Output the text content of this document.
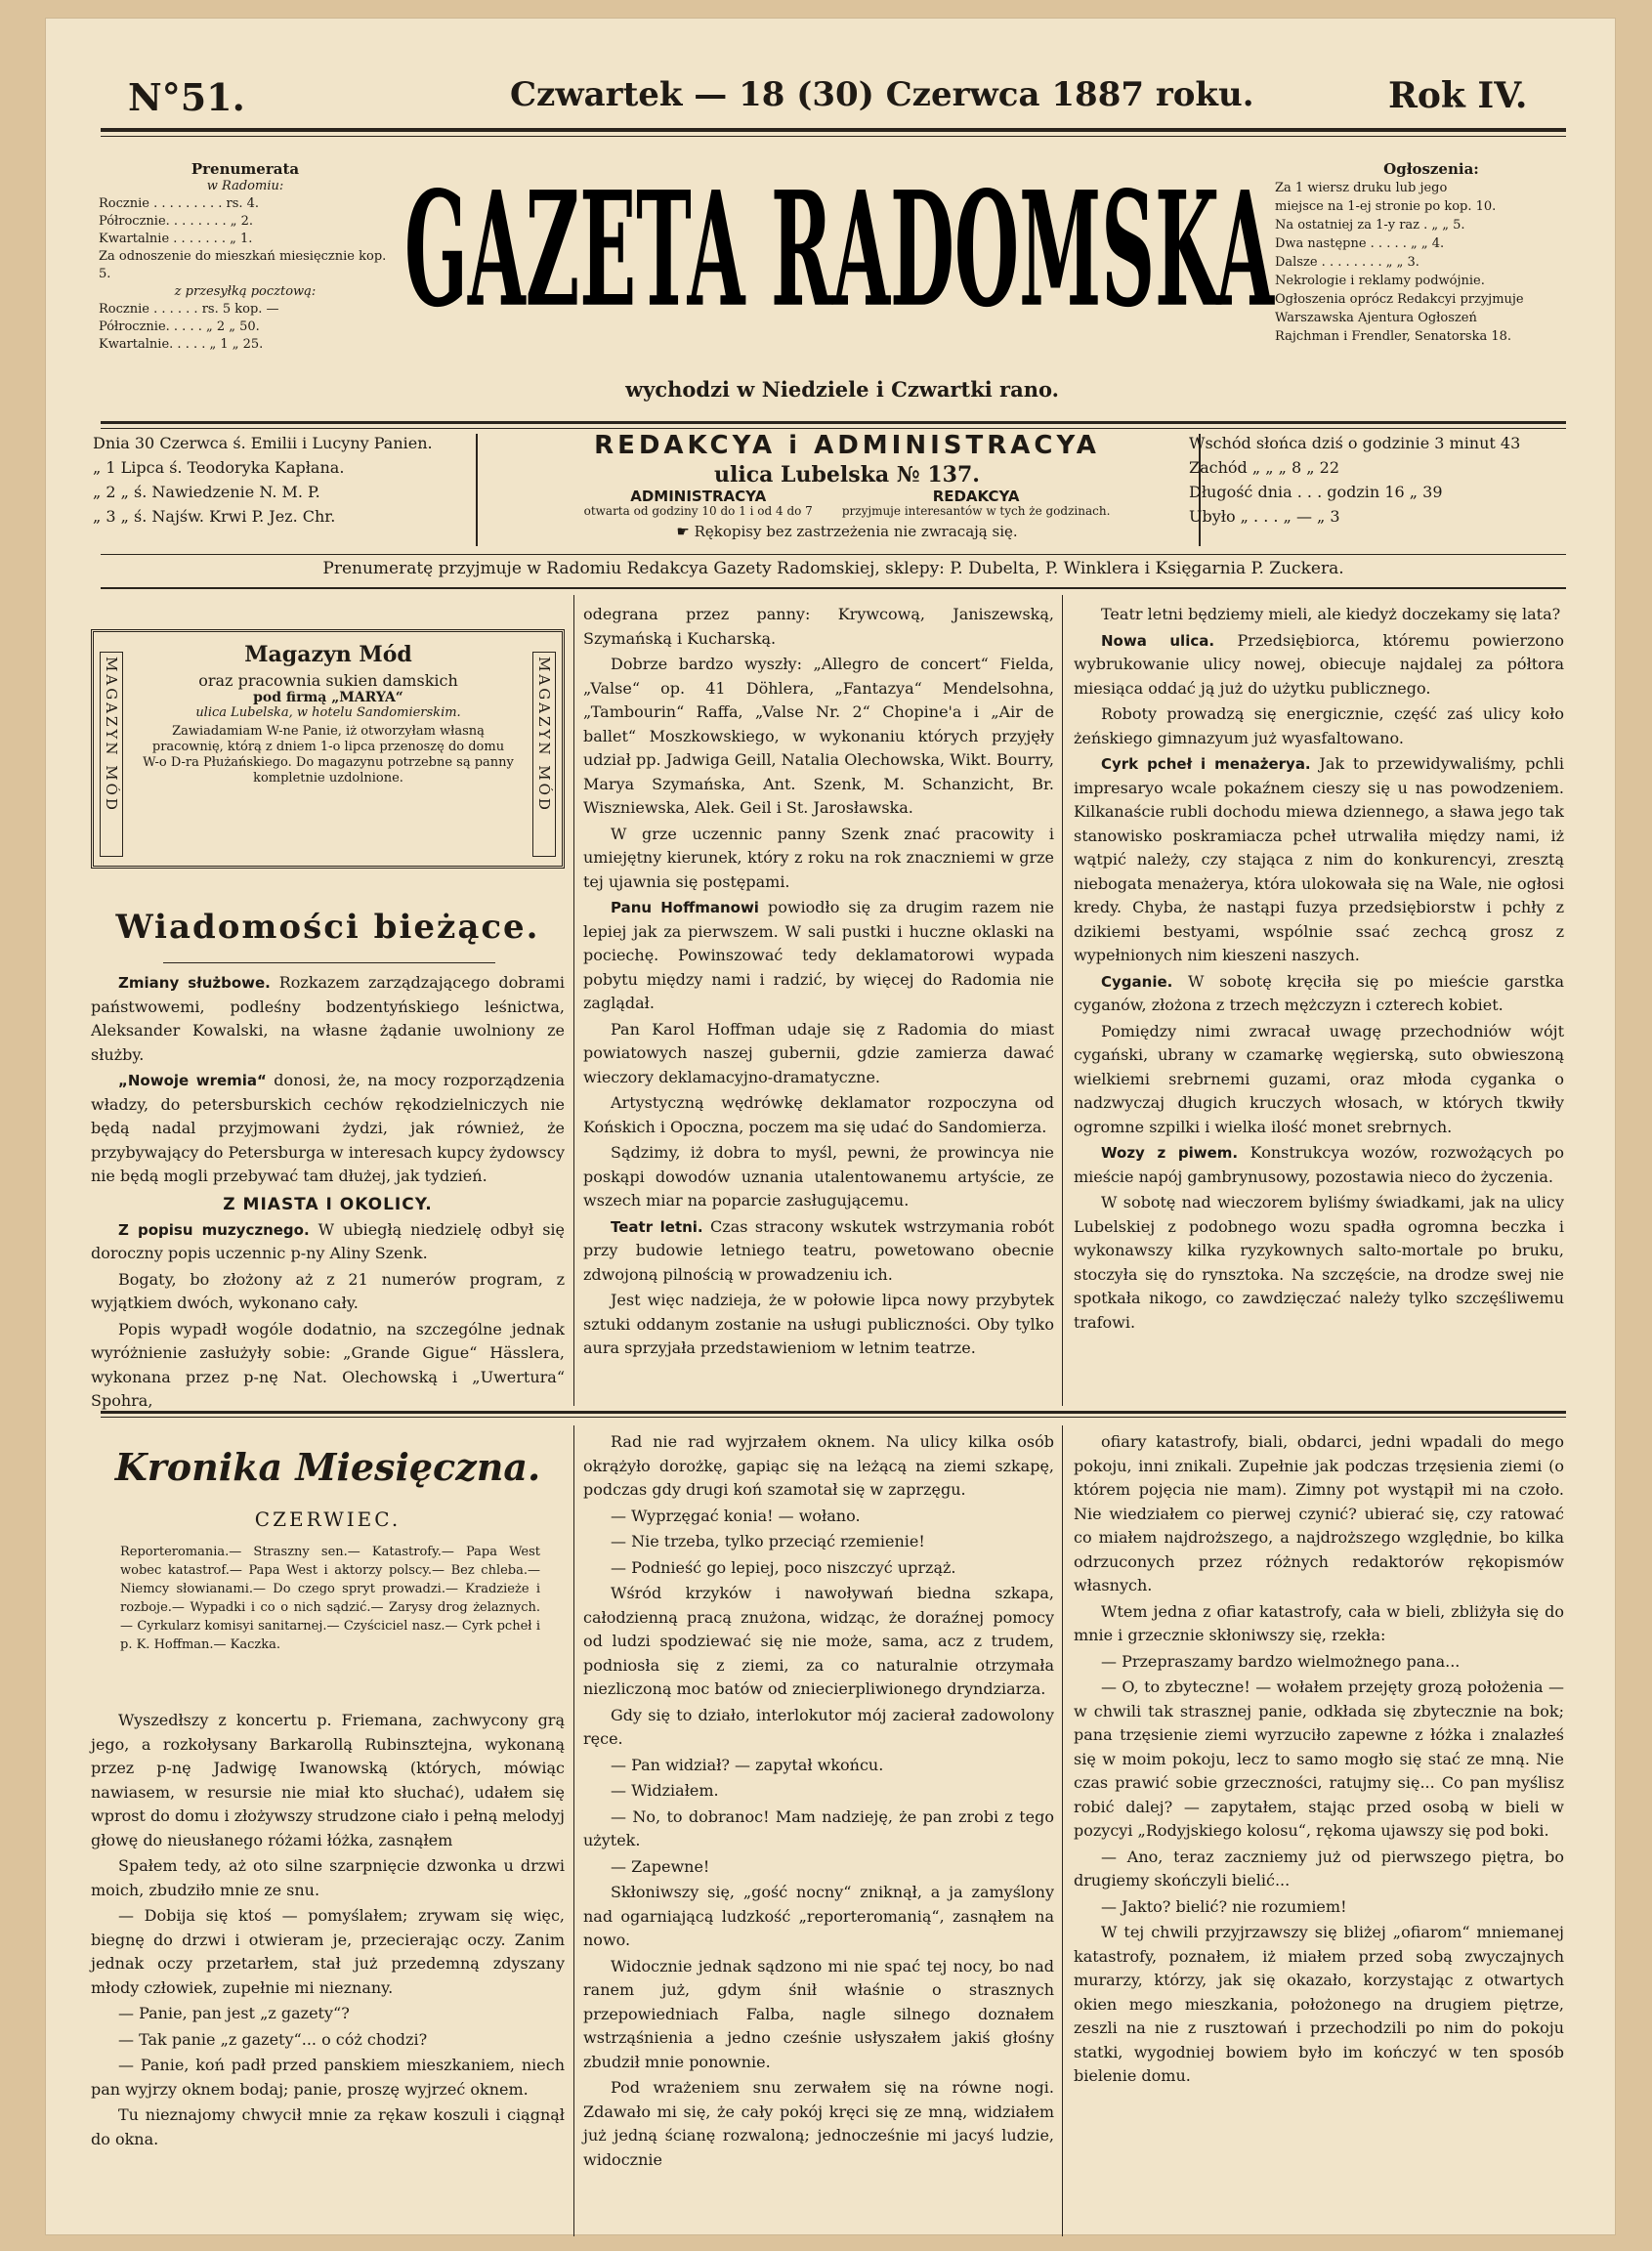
N°51.	Czwartek — 18 (30) Czerwca 1887 roku.	Rok IV.
Prenumerata
w Radomiu:
Rocznie . . . . . . . . . rs. 4.
Półrocznie. . . . . . . . „ 2.
Kwartalnie . . . . . . . „ 1.
Za odnoszenie do mieszkań miesięcznie kop. 5.
z przesyłką pocztową:
Rocznie . . . . . . rs. 5 kop. —
Półrocznie. . . . . „ 2 „ 50.
Kwartalnie. . . . . „ 1 „ 25.
GAZETA RADOMSKA
wychodzi w Niedziele i Czwartki rano.
Ogłoszenia:
Za 1 wiersz druku lub jego
miejsce na 1-ej stronie po kop. 10.
Na ostatniej za 1-y raz . „ „ 5.
Dwa następne . . . . . „ „ 4.
Dalsze . . . . . . . . „ „ 3.
Nekrologie i reklamy podwójnie.
Ogłoszenia oprócz Redakcyi przyjmuje Warszawska Ajentura Ogłoszeń
Rajchman i Frendler, Senatorska 18.
Dnia 30 Czerwca ś. Emilii i Lucyny Panien.
„ 1 Lipca ś. Teodoryka Kapłana.
„ 2 „ ś. Nawiedzenie N. M. P.
„ 3 „ ś. Najśw. Krwi P. Jez. Chr.
REDAKCYA i ADMINISTRACYA
ulica Lubelska № 137.
ADMINISTRACYA
otwarta od godziny 10 do 1 i od 4 do 7
REDAKCYA
przyjmuje interesantów w tych że godzinach.
☛ Rękopisy bez zastrzeżenia nie zwracają się.
Wschód słońca dziś o godzinie 3 minut 43
Zachód „ „ „ 8 „ 22
Długość dnia . . . godzin 16 „ 39
Ubyło „ . . . „ — „ 3
Prenumeratę przyjmuje w Radomiu Redakcya Gazety Radomskiej, sklepy: P. Dubelta, P. Winklera i Księgarnia P. Zuckera.
MAGAZYN MÓD	MAGAZYN MÓD
Magazyn Mód
oraz pracownia sukien damskich
pod firmą „MARYA“
ulica Lubelska, w hotelu Sandomierskim.
Zawiadamiam W-ne Panie, iż otworzyłam własną pracownię, którą z dniem 1-o lipca przenoszę do domu W-o D-ra Płużańskiego. Do magazynu potrzebne są panny kompletnie uzdolnione.
Wiadomości bieżące.

Zmiany służbowe. Rozkazem zarządzającego dobrami państwowemi, podleśny bodzentyńskiego leśnictwa, Aleksander Kowalski, na własne żądanie uwolniony ze służby.

„Nowoje wremia“ donosi, że, na mocy rozporządzenia władzy, do petersburskich cechów rękodzielniczych nie będą nadal przyjmowani żydzi, jak również, że przybywający do Petersburga w interesach kupcy żydowscy nie będą mogli przebywać tam dłużej, jak tydzień.

Z MIASTA I OKOLICY.

Z popisu muzycznego. W ubiegłą niedzielę odbył się doroczny popis uczennic p-ny Aliny Szenk.

Bogaty, bo złożony aż z 21 numerów program, z wyjątkiem dwóch, wykonano cały.

Popis wypadł wogóle dodatnio, na szczególne jednak wyróżnienie zasłużyły sobie: „Grande Gigue“ Hässlera, wykonana przez p-nę Nat. Olechowską i „Uwertura“ Spohra,

odegrana przez panny: Krywcową, Janiszewską, Szymańską i Kucharską.

Dobrze bardzo wyszły: „Allegro de concert“ Fielda, „Valse“ op. 41 Döhlera, „Fantazya“ Mendelsohna, „Tambourin“ Raffa, „Valse Nr. 2“ Chopine'a i „Air de ballet“ Moszkowskiego, w wykonaniu których przyjęły udział pp. Jadwiga Geill, Natalia Olechowska, Wikt. Bourry, Marya Szymańska, Ant. Szenk, M. Schanzicht, Br. Wiszniewska, Alek. Geil i St. Jarosławska.

W grze uczennic panny Szenk znać pracowity i umiejętny kierunek, który z roku na rok znaczniemi w grze tej ujawnia się postępami.

Panu Hoffmanowi powiodło się za drugim razem nie lepiej jak za pierwszem. W sali pustki i huczne oklaski na pociechę. Powinszować tedy deklamatorowi wypada pobytu między nami i radzić, by więcej do Radomia nie zaglądał.

Pan Karol Hoffman udaje się z Radomia do miast powiatowych naszej gubernii, gdzie zamierza dawać wieczory deklamacyjno-dramatyczne.

Artystyczną wędrówkę deklamator rozpoczyna od Końskich i Opoczna, poczem ma się udać do Sandomierza.

Sądzimy, iż dobra to myśl, pewni, że prowincya nie poskąpi dowodów uznania utalentowanemu artyście, ze wszech miar na poparcie zasługującemu.

Teatr letni. Czas stracony wskutek wstrzymania robót przy budowie letniego teatru, powetowano obecnie zdwojoną pilnością w prowadzeniu ich.

Jest więc nadzieja, że w połowie lipca nowy przybytek sztuki oddanym zostanie na usługi publiczności. Oby tylko aura sprzyjała przedstawieniom w letnim teatrze.

Teatr letni będziemy mieli, ale kiedyż doczekamy się lata?

Nowa ulica. Przedsiębiorca, któremu powierzono wybrukowanie ulicy nowej, obiecuje najdalej za półtora miesiąca oddać ją już do użytku publicznego.

Roboty prowadzą się energicznie, część zaś ulicy koło żeńskiego gimnazyum już wyasfaltowano.

Cyrk pcheł i menażerya. Jak to przewidywaliśmy, pchli impresaryo wcale pokaźnem cieszy się u nas powodzeniem. Kilkanaście rubli dochodu miewa dziennego, a sława jego tak stanowisko poskramiacza pcheł utrwaliła między nami, iż wątpić należy, czy stająca z nim do konkurencyi, zresztą niebogata menażerya, która ulokowała się na Wale, nie ogłosi kredy. Chyba, że nastąpi fuzya przedsiębiorstw i pchły z dzikiemi bestyami, wspólnie ssać zechcą grosz z wypełnionych nim kieszeni naszych.

Cyganie. W sobotę kręciła się po mieście garstka cyganów, złożona z trzech mężczyzn i czterech kobiet.

Pomiędzy nimi zwracał uwagę przechodniów wójt cygański, ubrany w czamarkę węgierską, suto obwieszoną wielkiemi srebrnemi guzami, oraz młoda cyganka o nadzwyczaj długich kruczych włosach, w których tkwiły ogromne szpilki i wielka ilość monet srebrnych.

Wozy z piwem. Konstrukcya wozów, rozwożących po mieście napój gambrynusowy, pozostawia nieco do życzenia.

W sobotę nad wieczorem byliśmy świadkami, jak na ulicy Lubelskiej z podobnego wozu spadła ogromna beczka i wykonawszy kilka ryzykownych salto-mortale po bruku, stoczyła się do rynsztoka. Na szczęście, na drodze swej nie spotkała nikogo, co zawdzięczać należy tylko szczęśliwemu trafowi.

Kronika Miesięczna.
CZERWIEC.
Reporteromania.— Straszny sen.— Katastrofy.— Papa West wobec katastrof.— Papa West i aktorzy polscy.— Bez chleba.— Niemcy słowianami.— Do czego spryt prowadzi.— Kradzieże i rozboje.— Wypadki i co o nich sądzić.— Zarysy drog żelaznych.— Cyrkularz komisyi sanitarnej.— Czyściciel nasz.— Cyrk pcheł i p. K. Hoffman.— Kaczka.

Wyszedłszy z koncertu p. Friemana, zachwycony grą jego, a rozkołysany Barkarollą Rubinsztejna, wykonaną przez p-nę Jadwigę Iwanowską (których, mówiąc nawiasem, w resursie nie miał kto słuchać), udałem się wprost do domu i złożywszy strudzone ciało i pełną melodyj głowę do nieusłanego różami łóżka, zasnąłem

Spałem tedy, aż oto silne szarpnięcie dzwonka u drzwi moich, zbudziło mnie ze snu.

— Dobija się ktoś — pomyślałem; zrywam się więc, biegnę do drzwi i otwieram je, przecierając oczy. Zanim jednak oczy przetarłem, stał już przedemną zdyszany młody człowiek, zupełnie mi nieznany.

— Panie, pan jest „z gazety“?

— Tak panie „z gazety“... o cóż chodzi?

— Panie, koń padł przed panskiem mieszkaniem, niech pan wyjrzy oknem bodaj; panie, proszę wyjrzeć oknem.

Tu nieznajomy chwycił mnie za rękaw koszuli i ciągnął do okna.

Rad nie rad wyjrzałem oknem. Na ulicy kilka osób okrążyło dorożkę, gapiąc się na leżącą na ziemi szkapę, podczas gdy drugi koń szamotał się w zaprzęgu.

— Wyprzęgać konia! — wołano.

— Nie trzeba, tylko przeciąć rzemienie!

— Podnieść go lepiej, poco niszczyć uprząż.

Wśród krzyków i nawoływań biedna szkapa, całodzienną pracą znużona, widząc, że doraźnej pomocy od ludzi spodziewać się nie może, sama, acz z trudem, podniosła się z ziemi, za co naturalnie otrzymała niezliczoną moc batów od zniecierpliwionego dryndziarza.

Gdy się to działo, interlokutor mój zacierał zadowolony ręce.

— Pan widział? — zapytał wkońcu.

— Widziałem.

— No, to dobranoc! Mam nadzieję, że pan zrobi z tego użytek.

— Zapewne!

Skłoniwszy się, „gość nocny“ zniknął, a ja zamyślony nad ogarniającą ludzkość „reporteromanią“, zasnąłem na nowo.

Widocznie jednak sądzono mi nie spać tej nocy, bo nad ranem już, gdym śnił właśnie o strasznych przepowiedniach Falba, nagle silnego doznałem wstrząśnienia a jedno cześnie usłyszałem jakiś głośny zbudził mnie ponownie.

Pod wrażeniem snu zerwałem się na równe nogi. Zdawało mi się, że cały pokój kręci się ze mną, widziałem już jedną ścianę rozwaloną; jednocześnie mi jacyś ludzie, widocznie

ofiary katastrofy, biali, obdarci, jedni wpadali do mego pokoju, inni znikali. Zupełnie jak podczas trzęsienia ziemi (o którem pojęcia nie mam). Zimny pot wystąpił mi na czoło. Nie wiedziałem co pierwej czynić? ubierać się, czy ratować co miałem najdroższego, a najdroższego względnie, bo kilka odrzuconych przez różnych redaktorów rękopismów własnych.

Wtem jedna z ofiar katastrofy, cała w bieli, zbliżyła się do mnie i grzecznie skłoniwszy się, rzekła:

— Przepraszamy bardzo wielmożnego pana...

— O, to zbyteczne! — wołałem przejęty grozą położenia — w chwili tak strasznej panie, odkłada się zbytecznie na bok; pana trzęsienie ziemi wyrzuciło zapewne z łóżka i znalazłeś się w moim pokoju, lecz to samo mogło się stać ze mną. Nie czas prawić sobie grzeczności, ratujmy się... Co pan myślisz robić dalej? — zapytałem, stając przed osobą w bieli w pozycyi „Rodyjskiego kolosu“, rękoma ujawszy się pod boki.

— Ano, teraz zaczniemy już od pierwszego piętra, bo drugiemy skończyli bielić...

— Jakto? bielić? nie rozumiem!

W tej chwili przyjrzawszy się bliżej „ofiarom“ mniemanej katastrofy, poznałem, iż miałem przed sobą zwyczajnych murarzy, którzy, jak się okazało, korzystając z otwartych okien mego mieszkania, położonego na drugiem piętrze, zeszli na nie z rusztowań i przechodzili po nim do pokoju statki, wygodniej bowiem było im kończyć w ten sposób bielenie domu.
